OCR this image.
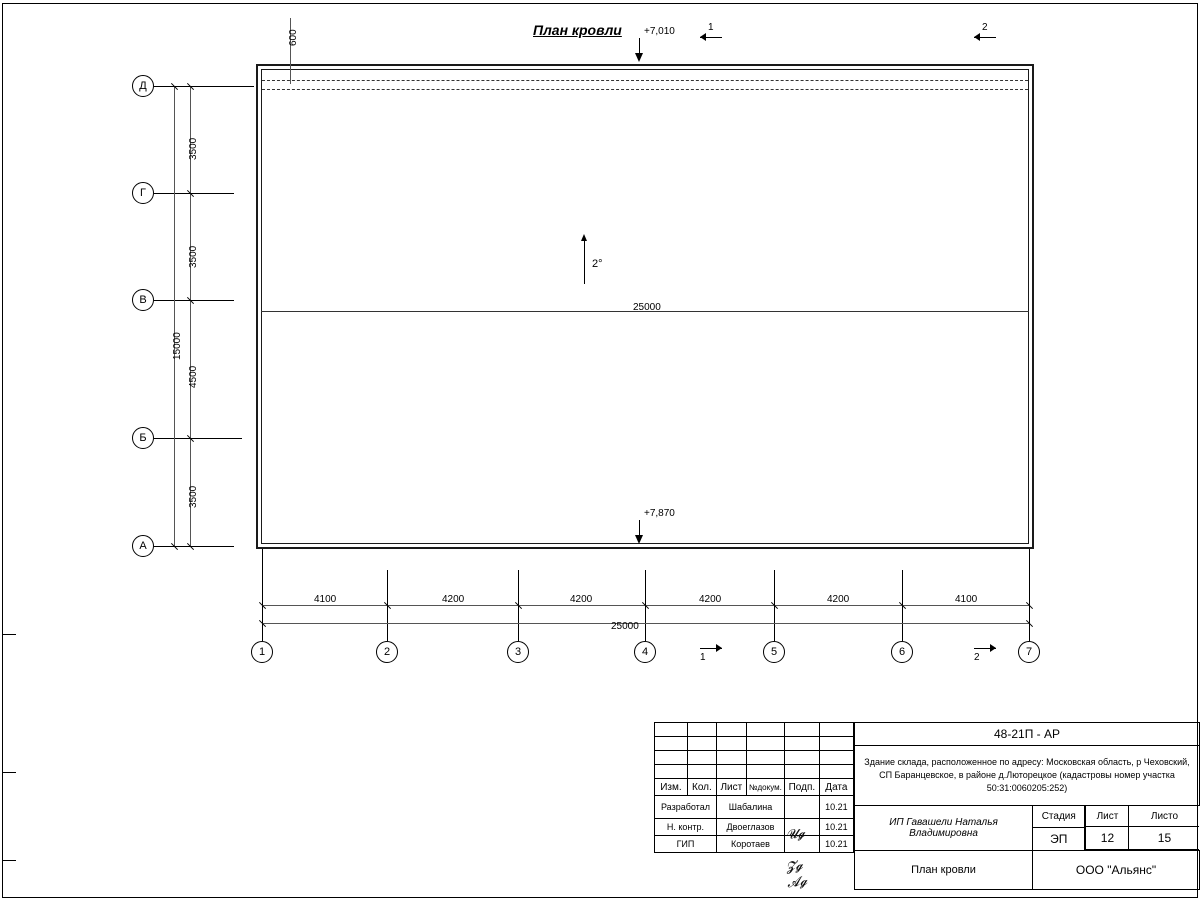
План кровли
25000
600
2°
+7,010
+7,870
1	2
1	2
Д
Г
В
Б
А
3500
3500
4500
3500
15000
4100	4200	4200	4200	4200	4100
25000
1	2	3	4	5	6	7

Изм.	Кол.	Лист	№докум.	Подп.	Дата
Разработал		Шабалина			10.21
Н. контр.		Двоеглазов			10.21
ГИП		Коротаев			10.21
𝓤𝓰
𝓩𝓰
𝓐𝓰
48-21П - АР
Здание склада, расположенное по адресу: Московская область, р Чеховский, СП Баранцевское, в районе д.Люторецкое (кадастровы номер участка 50:31:0060205:252)
ИП Гавашели Наталья Владимировна	Стадия	Лист	Листо

ЭП		12	15

План кровли	ООО "Альянс"
